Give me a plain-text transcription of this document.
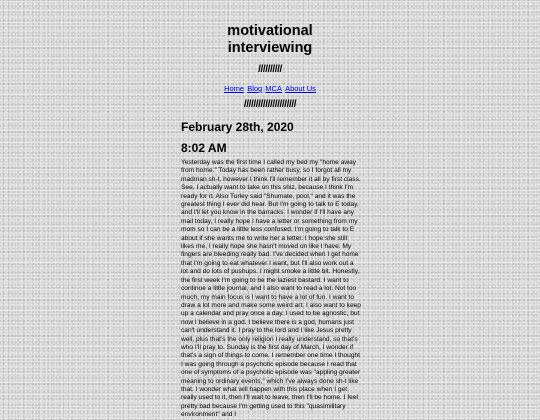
motivational interviewing
//////////
Home Blog MCA About Us
//////////////////////
February 28th, 2020
8:02 AM

Yesterday was the first time I called my bed my "home away from home." Today has been rather busy, so I forgot all my madman sh-t, however I think I'll remember it all by first class. See, I actually want to take on this shiz, because I think I'm ready for it. Also Turley said "Shumate, pool," and it was the greatest thing I ever did hear. But I'm going to talk to E today, and I'll let you know in the barracks. I wonder if I'll have any mail today, I really hope I have a letter or something from my mom so I can be a little less confused. I'm going to talk to E about if she wants me to write her a letter. I hope she still likes me, I really hope she hasn't moved on like I have. My fingers are bleeding really bad. I've decided when I get home that I'm going to eat whatever I want, but I'll also work out a lot and do lots of pushups. I might smoke a little bit. Honestly, the first week I'm going to be the laziest bastard. I want to continue a little journal, and I also want to read a lot. Not too much, my main focus is I want to have a lot of fun. I want to draw a lot more and make some weird art. I also want to keep up a calendar and pray once a day. I used to be agnostic, but now I believe in a god. I believe there is a god, humans just can't understand it. I pray to the lord and I like Jesus pretty well, plus that's the only religion I really understand, so that's who I'll pray to. Sunday is the first day of March, I wonder if that's a sign of things to come. I remember one time I thought I was going through a psychotic episode because I read that one of symptoms of a psychotic episode was "appling greater meaning to ordinary events," which I've always done sh-t like that. I wonder what will happen with this place when I get really used to it, then I'll wait to leave, then I'll be home. I feel pretty bad because I'm getting used to this "quasimilitary environment" and I
